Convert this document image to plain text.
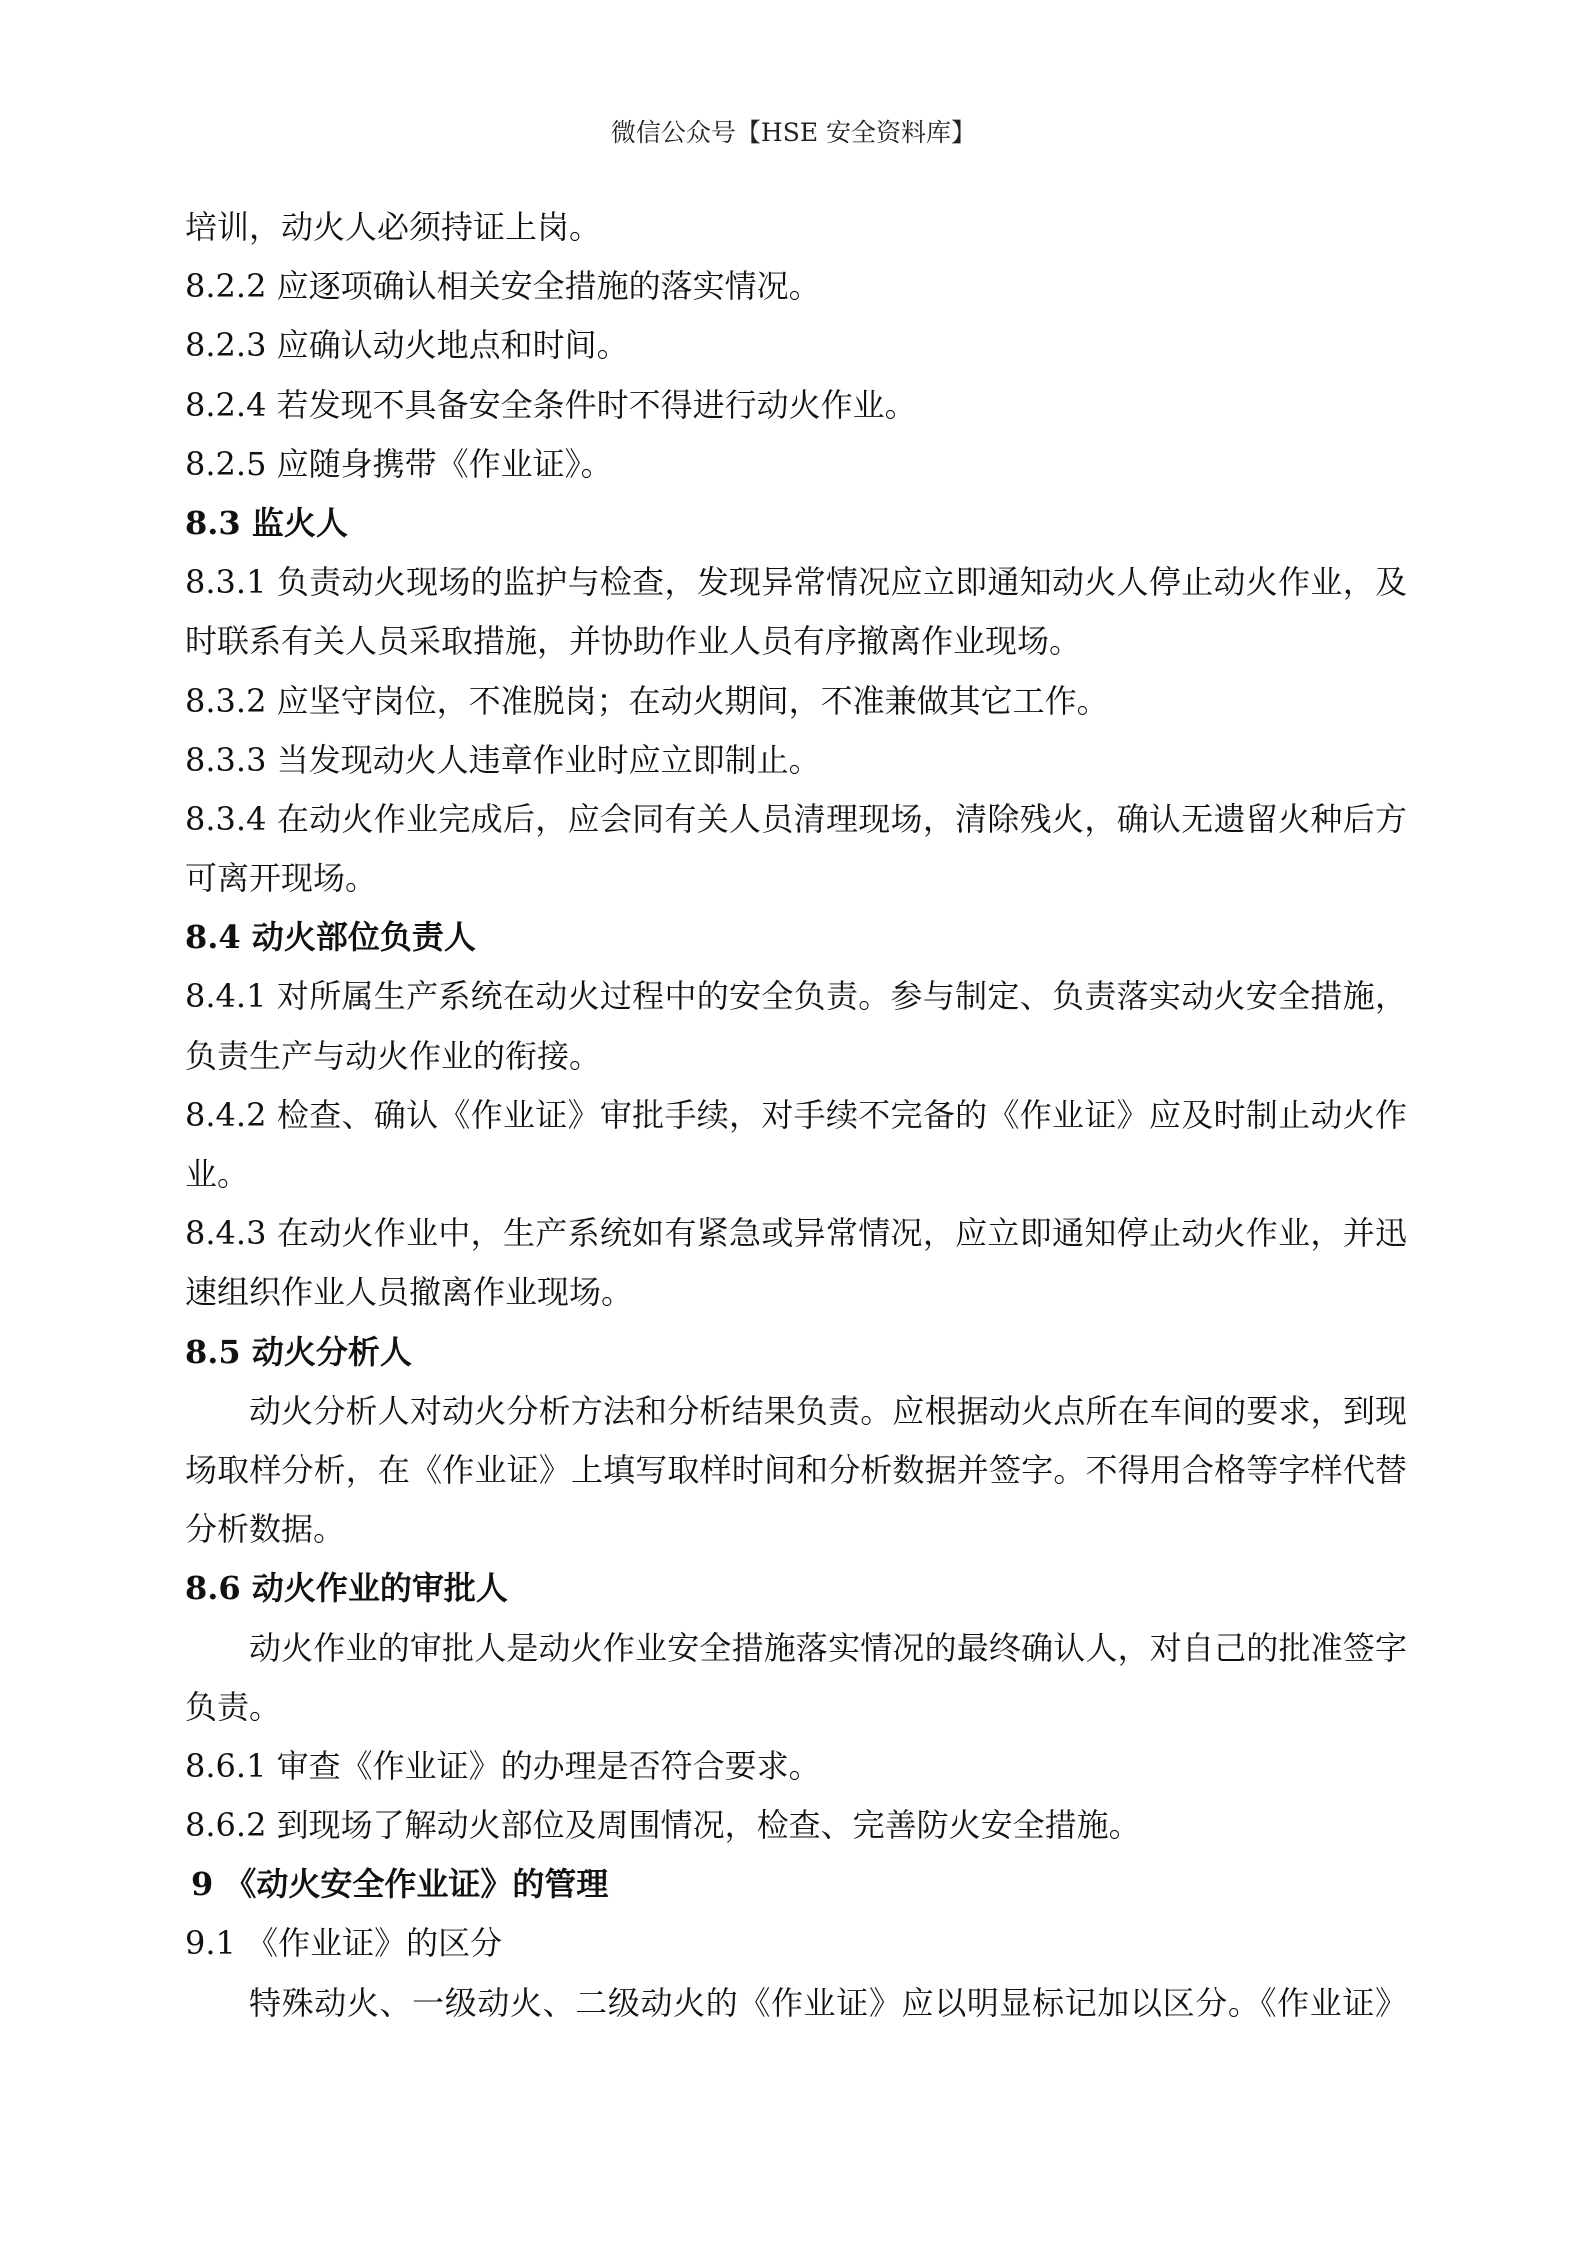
微信公众号【HSE 安全资料库】
培训，动火人必须持证上岗。
8.2.2 应逐项确认相关安全措施的落实情况。
8.2.3 应确认动火地点和时间。
8.2.4 若发现不具备安全条件时不得进行动火作业。
8.2.5 应随身携带《作业证》。
8.3 监火人
8.3.1 负责动火现场的监护与检查，发现异常情况应立即通知动火人停止动火作业，及
时联系有关人员采取措施，并协助作业人员有序撤离作业现场。
8.3.2 应坚守岗位，不准脱岗；在动火期间，不准兼做其它工作。
8.3.3 当发现动火人违章作业时应立即制止。
8.3.4 在动火作业完成后，应会同有关人员清理现场，清除残火，确认无遗留火种后方
可离开现场。
8.4 动火部位负责人
8.4.1 对所属生产系统在动火过程中的安全负责。参与制定、负责落实动火安全措施，
负责生产与动火作业的衔接。
8.4.2 检查、确认《作业证》审批手续，对手续不完备的《作业证》应及时制止动火作
业。
8.4.3 在动火作业中，生产系统如有紧急或异常情况，应立即通知停止动火作业，并迅
速组织作业人员撤离作业现场。
8.5 动火分析人
动火分析人对动火分析方法和分析结果负责。应根据动火点所在车间的要求，到现
场取样分析，在《作业证》上填写取样时间和分析数据并签字。不得用合格等字样代替
分析数据。
8.6 动火作业的审批人
动火作业的审批人是动火作业安全措施落实情况的最终确认人，对自己的批准签字
负责。
8.6.1 审查《作业证》的办理是否符合要求。
8.6.2 到现场了解动火部位及周围情况，检查、完善防火安全措施。
9 《动火安全作业证》的管理
9.1 《作业证》的区分
特殊动火、一级动火、二级动火的《作业证》应以明显标记加以区分。《作业证》
